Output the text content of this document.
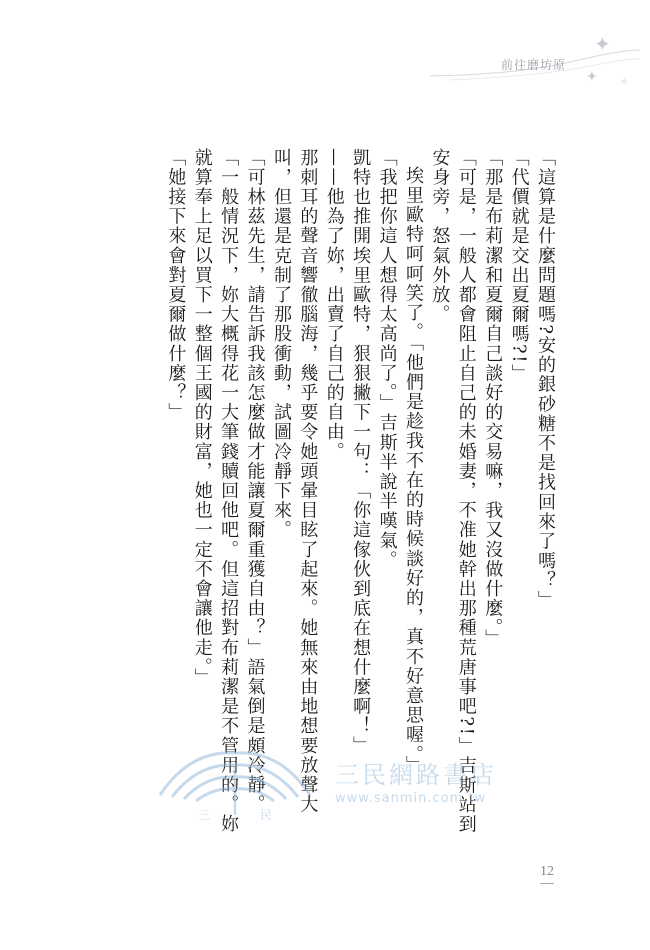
✦
✦ ✧
前往磨坊原

「這算是什麼問題嗎?安的銀砂糖不是找回來了嗎？」

「代價就是交出夏爾嗎?!」

「那是布莉潔和夏爾自己談好的交易嘛，我又沒做什麼。」

「可是，一般人都會阻止自己的未婚妻，不准她幹出那種荒唐事吧?!」吉斯站到安身旁，怒氣外放。

埃里歐特呵呵笑了。「他們是趁我不在的時候談好的，真不好意思喔。」

「我把你這人想得太高尚了。」吉斯半說半嘆氣。

凱特也推開埃里歐特，狠狠撇下一句：「你這傢伙到底在想什麼啊！」

——他為了妳，出賣了自己的自由。

那刺耳的聲音響徹腦海，幾乎要令她頭暈目眩了起來。她無來由地想要放聲大叫，但還是克制了那股衝動，試圖冷靜下來。

「可林茲先生，請告訴我該怎麼做才能讓夏爾重獲自由？」語氣倒是頗冷靜。

「一般情況下，妳大概得花一大筆錢贖回他吧。但這招對布莉潔是不管用的。妳就算奉上足以買下一整個王國的財富，她也一定不會讓他走。」

「她接下來會對夏爾做什麼？」

三	民
三民網路書店
www.sanmin.com.tw
12
